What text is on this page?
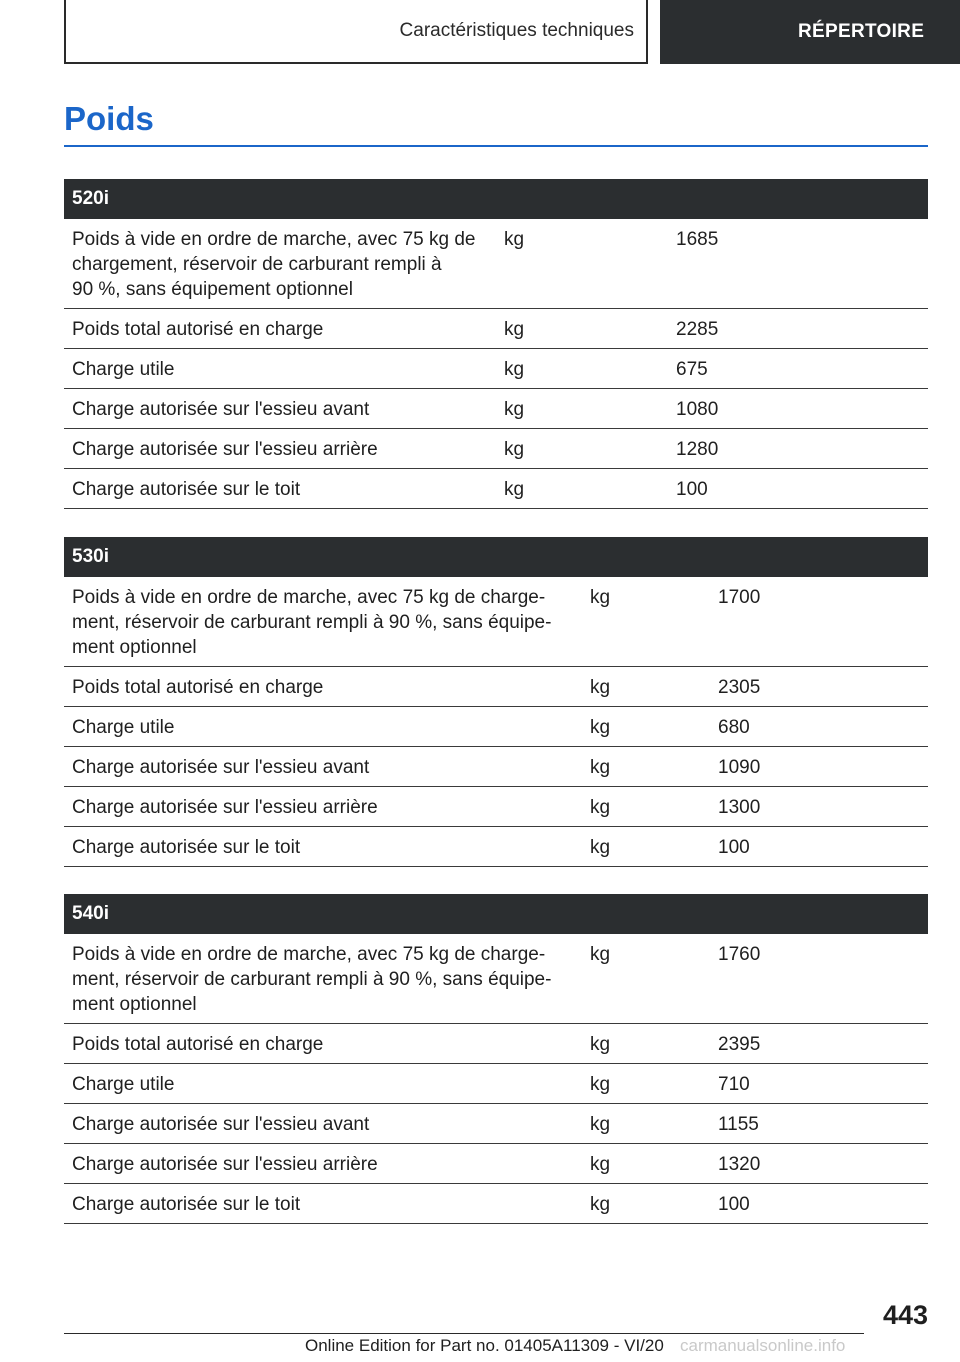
Caractéristiques techniques	RÉPERTOIRE
Poids
520i
Poids à vide en ordre de marche, avec 75 kg de
chargement, réservoir de carburant rempli à
90 %, sans équipement optionnel
kg	1685
Poids total autorisé en charge	kg	2285
Charge utile	kg	675
Charge autorisée sur l'essieu avant	kg	1080
Charge autorisée sur l'essieu arrière	kg	1280
Charge autorisée sur le toit	kg	100
530i
Poids à vide en ordre de marche, avec 75 kg de charge-
ment, réservoir de carburant rempli à 90 %, sans équipe-
ment optionnel
kg	1700
Poids total autorisé en charge	kg	2305
Charge utile	kg	680
Charge autorisée sur l'essieu avant	kg	1090
Charge autorisée sur l'essieu arrière	kg	1300
Charge autorisée sur le toit	kg	100
540i
Poids à vide en ordre de marche, avec 75 kg de charge-
ment, réservoir de carburant rempli à 90 %, sans équipe-
ment optionnel
kg	1760
Poids total autorisé en charge	kg	2395
Charge utile	kg	710
Charge autorisée sur l'essieu avant	kg	1155
Charge autorisée sur l'essieu arrière	kg	1320
Charge autorisée sur le toit	kg	100
443
Online Edition for Part no. 01405A11309 - VI/20 carmanualsonline.info
